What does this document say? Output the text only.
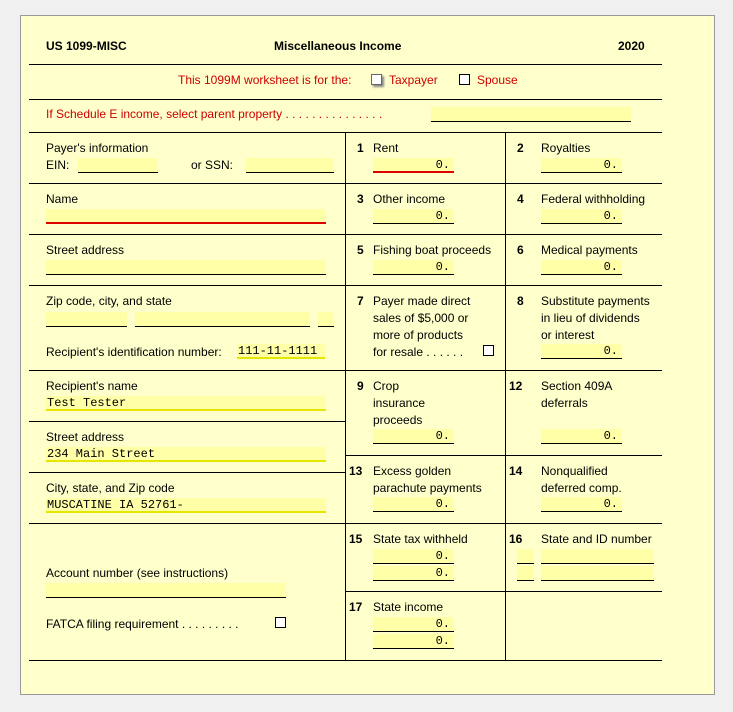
US 1099-MISC	Miscellaneous Income	2020
This 1099M worksheet is for the:	Taxpayer	Spouse
If Schedule E income, select parent property . . . . . . . . . . . . . . .
Payer's information
EIN:	or SSN:
Name
Street address
Zip code, city, and state
Recipient's identification number: 111-11-1111
Recipient's name
Test Tester
Street address
234 Main Street
City, state, and Zip code
MUSCATINE IA 52761-
Account number (see instructions)
FATCA filing requirement . . . . . . . . .
1 Rent
0.
2 Royalties
0.
3 Other income
0.
4 Federal withholding
0.
5 Fishing boat proceeds
0.
6 Medical payments
0.
7 Payer made direct
sales of $5,000 or
more of products
for resale . . . . . .
8 Substitute payments
in lieu of dividends
or interest
0.
9 Crop
insurance
proceeds
0.
12 Section 409A
deferrals
0.
13 Excess golden
parachute payments
0.
14 Nonqualified
deferred comp.
0.
15 State tax withheld
0.
0.
16 State and ID number
17 State income
0.
0.
